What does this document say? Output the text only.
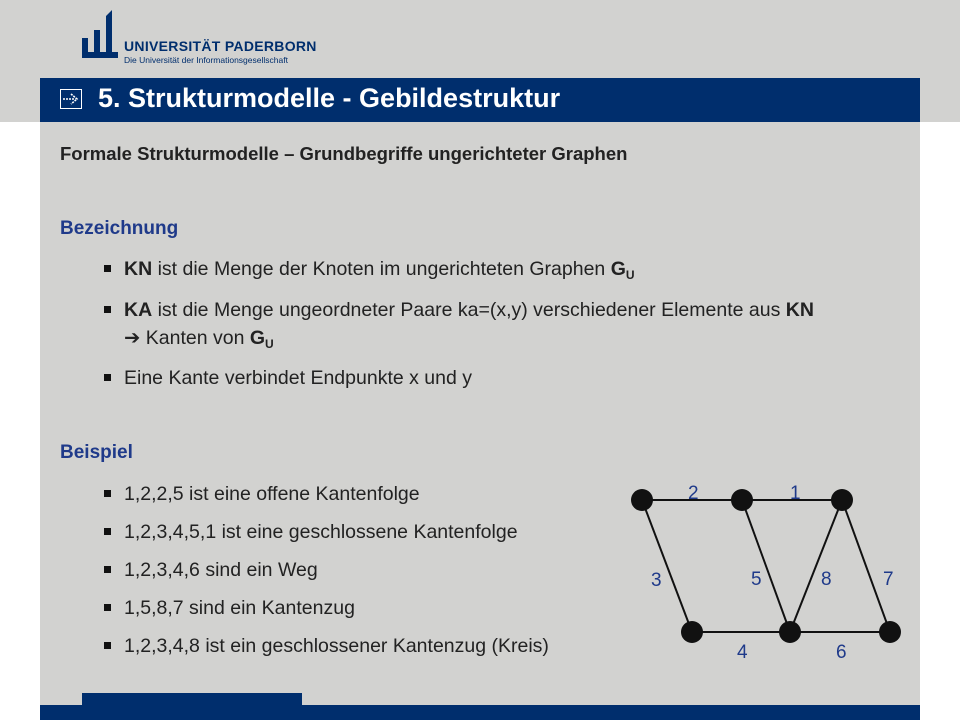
UNIVERSITÄT PADERBORN
Die Universität der Informationsgesellschaft
5. Strukturmodelle - Gebildestruktur
Formale Strukturmodelle – Grundbegriffe ungerichteter Graphen
Bezeichnung
KN ist die Menge der Knoten im ungerichteten Graphen $G_U$
KA ist die Menge ungeordneter Paare ka=(x,y) verschiedener Elemente aus KN
➔ Kanten von $G_U$
Eine Kante verbindet Endpunkte x und y
Beispiel
1,2,2,5 ist eine offene Kantenfolge
1,2,3,4,5,1 ist eine geschlossene Kantenfolge
1,2,3,4,6 sind ein Weg
1,5,8,7 sind ein Kantenzug
1,2,3,4,8 ist ein geschlossener Kantenzug (Kreis)
2	1
3	5	8	7
4	6
